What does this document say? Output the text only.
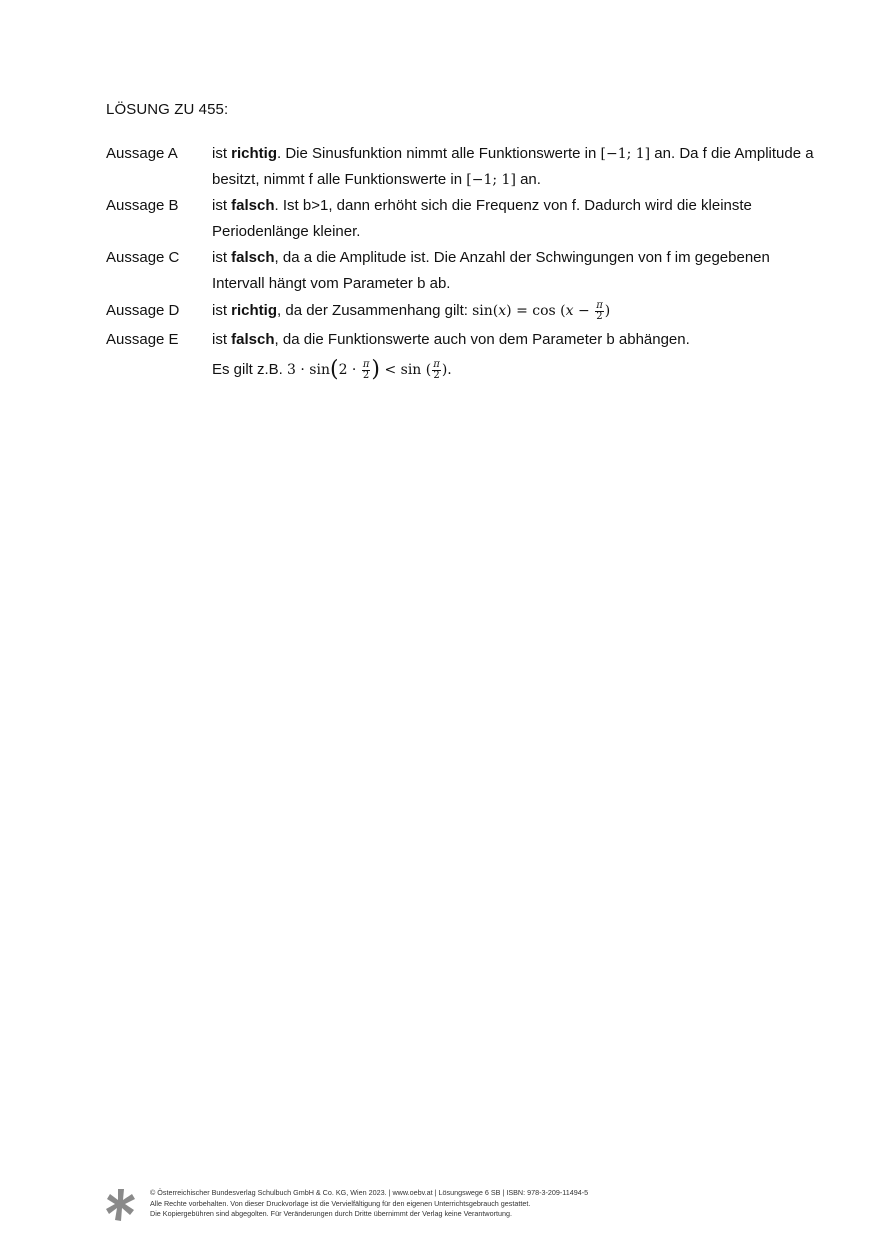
LÖSUNG ZU 455:
Aussage A	ist richtig. Die Sinusfunktion nimmt alle Funktionswerte in [−1; 1] an. Da f die Amplitude a besitzt, nimmt f alle Funktionswerte in [−1; 1] an.
Aussage B	ist falsch. Ist b>1, dann erhöht sich die Frequenz von f. Dadurch wird die kleinste Periodenlänge kleiner.
Aussage C	ist falsch, da a die Amplitude ist. Die Anzahl der Schwingungen von f im gegebenen Intervall hängt vom Parameter b ab.
Aussage D	ist richtig, da der Zusammenhang gilt: $\sin(x) = \cos (x - \frac{\pi}{2}$ )
Aussage E	ist falsch, da die Funktionswerte auch von dem Parameter b abhängen.
Es gilt z.B. $3 \cdot \sin(2 \cdot \frac{\pi}{2}$ ) < sin ( $\frac{\pi}{2}$ ).
© Österreichischer Bundesverlag Schulbuch GmbH & Co. KG, Wien 2023. | www.oebv.at | Lösungswege 6 SB | ISBN: 978-3-209-11494-5
Alle Rechte vorbehalten. Von dieser Druckvorlage ist die Vervielfältigung für den eigenen Unterrichtsgebrauch gestattet.
Die Kopiergebühren sind abgegolten. Für Veränderungen durch Dritte übernimmt der Verlag keine Verantwortung.
